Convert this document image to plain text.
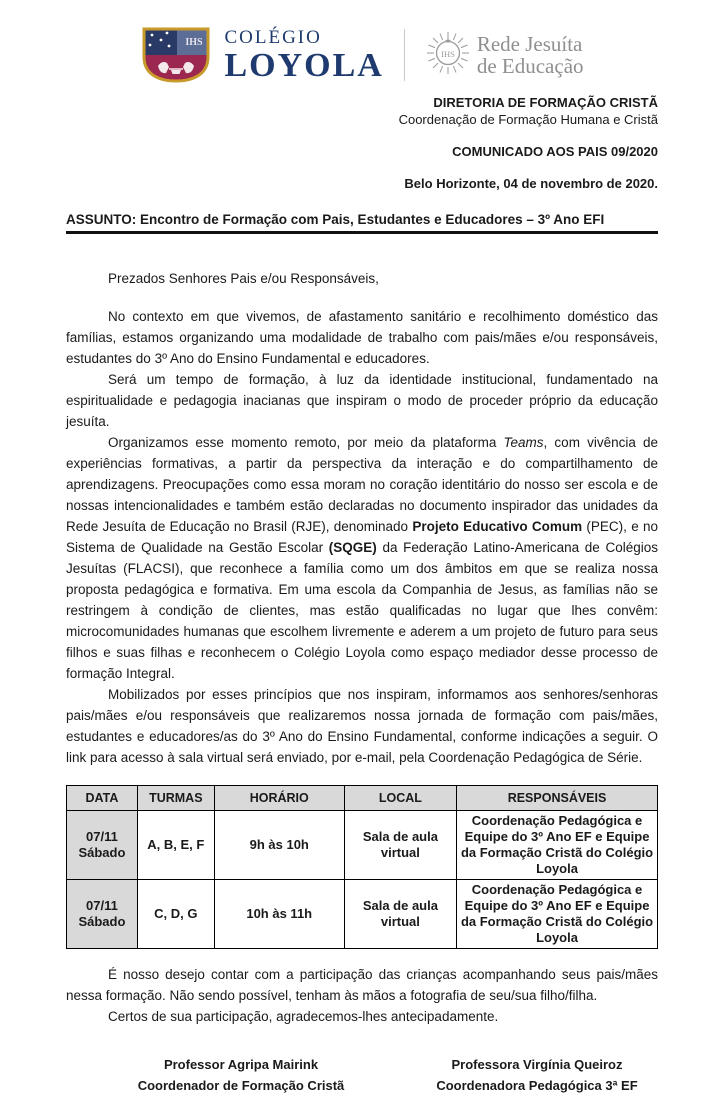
IHS COLÉGIO
LOYOLA	IHS Rede Jesuíta
de Educação
DIRETORIA DE FORMAÇÃO CRISTÃ
Coordenação de Formação Humana e Cristã
COMUNICADO AOS PAIS 09/2020
Belo Horizonte, 04 de novembro de 2020.
ASSUNTO: Encontro de Formação com Pais, Estudantes e Educadores – 3º Ano EFI

Prezados Senhores Pais e/ou Responsáveis,

No contexto em que vivemos, de afastamento sanitário e recolhimento doméstico das famílias, estamos organizando uma modalidade de trabalho com pais/mães e/ou responsáveis, estudantes do 3º Ano do Ensino Fundamental e educadores.

Será um tempo de formação, à luz da identidade institucional, fundamentado na espiritualidade e pedagogia inacianas que inspiram o modo de proceder próprio da educação jesuíta.

Organizamos esse momento remoto, por meio da plataforma Teams, com vivência de experiências formativas, a partir da perspectiva da interação e do compartilhamento de aprendizagens. Preocupações como essa moram no coração identitário do nosso ser escola e de nossas intencionalidades e também estão declaradas no documento inspirador das unidades da Rede Jesuíta de Educação no Brasil (RJE), denominado Projeto Educativo Comum (PEC), e no Sistema de Qualidade na Gestão Escolar (SQGE) da Federação Latino-Americana de Colégios Jesuítas (FLACSI), que reconhece a família como um dos âmbitos em que se realiza nossa proposta pedagógica e formativa. Em uma escola da Companhia de Jesus, as famílias não se restringem à condição de clientes, mas estão qualificadas no lugar que lhes convêm: microcomunidades humanas que escolhem livremente e aderem a um projeto de futuro para seus filhos e suas filhas e reconhecem o Colégio Loyola como espaço mediador desse processo de formação Integral.

Mobilizados por esses princípios que nos inspiram, informamos aos senhores/senhoras pais/mães e/ou responsáveis que realizaremos nossa jornada de formação com pais/mães, estudantes e educadores/as do 3º Ano do Ensino Fundamental, conforme indicações a seguir. O link para acesso à sala virtual será enviado, por e-mail, pela Coordenação Pedagógica de Série.

DATA	TURMAS	HORÁRIO	LOCAL	RESPONSÁVEIS

07/11
Sábado	A, B, E, F	9h às 10h	Sala de aula virtual	Coordenação Pedagógica e Equipe do 3º Ano EF e Equipe da Formação Cristã do Colégio Loyola

07/11
Sábado	C, D, G	10h às 11h	Sala de aula virtual	Coordenação Pedagógica e Equipe do 3º Ano EF e Equipe da Formação Cristã do Colégio Loyola

É nosso desejo contar com a participação das crianças acompanhando seus pais/mães nessa formação. Não sendo possível, tenham às mãos a fotografia de seu/sua filho/filha.

Certos de sua participação, agradecemos-lhes antecipadamente.

Professor Agripa Mairink
Coordenador de Formação Cristã
Professora Virgínia Queiroz
Coordenadora Pedagógica 3ª EF
